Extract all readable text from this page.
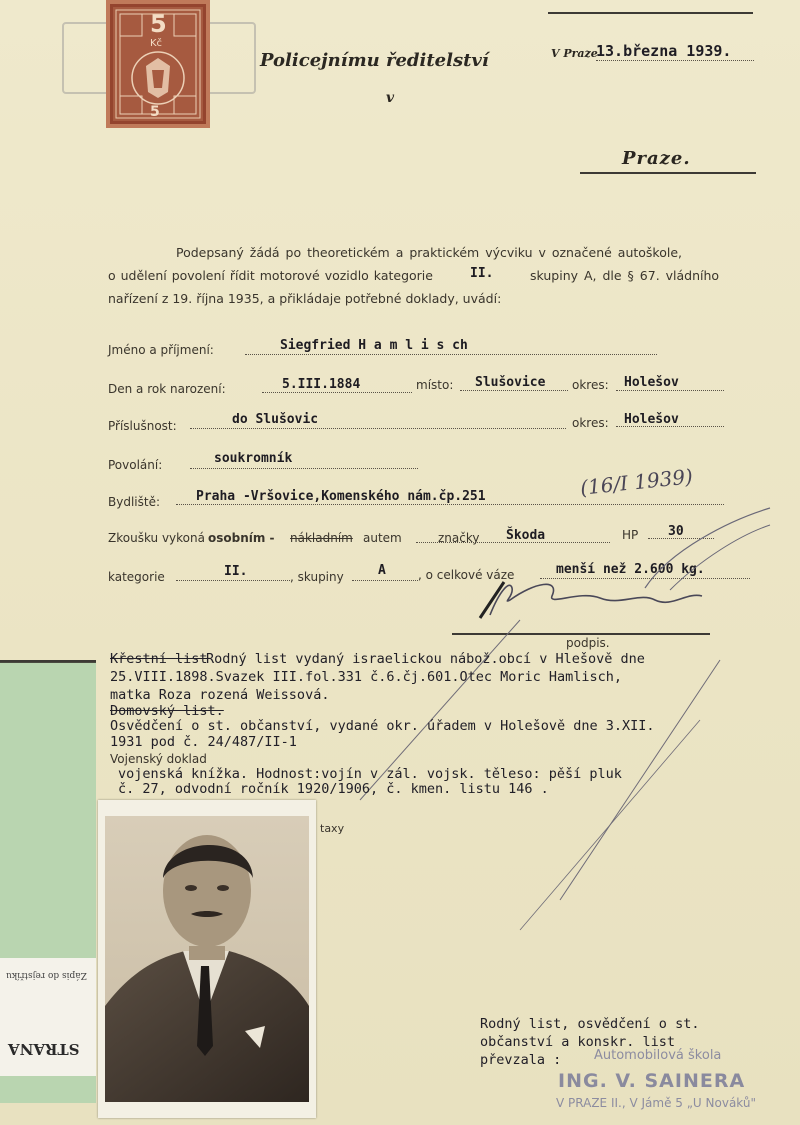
5
Kč
5
Policejnímu ředitelství
v
V Praze
13.března 1939.
Praze.
Podepsaný žádá po theoretickém a praktickém výcviku v označené autoškole,
o udělení povolení řídit motorové vozidlo kategorie	II.	skupiny A, dle § 67. vládního
nařízení z 19. října 1935, a přikládaje potřebné doklady, uvádí:
Jméno a příjmení:	Siegfried H a m l i s ch
Den a rok narození:	5.III.1884	místo: Slušovice okres: Holešov
Příslušnost:	do Slušovic	okres: Holešov
Povolání:	soukromník
Bydliště:	Praha -Vršovice,Komenského nám.čp.251	(16/I 1939)
Zkoušku vykoná osobním - nákladním autem	značky Škoda	HP 30
kategorie	II.	, skupiny	A	, o celkové váze	menší než 2.600 kg.
podpis.
STRANA
Zápis do rejstříku
Křestní list
Rodný list vydaný israelickou nábož.obcí v Hlešově dne
25.VIII.1898.Svazek III.fol.331 č.6.čj.601.Otec Moric Hamlisch,
matka Roza rozená Weissová.
Domovský list.
Osvědčení o st. občanství, vydané okr. úřadem v Holešově dne 3.XII.
1931 pod č. 24/487/II-1
Vojenský doklad
vojenská knížka. Hodnost:vojín v zál. vojsk. těleso: pěší pluk
č. 27, odvodní ročník 1920/1906, č. kmen. listu 146 .
taxy
Rodný list, osvědčení o st.
občanství a konskr. list
převzala :	Automobilová škola
ING. V. SAINERA
V PRAZE II., V Jámě 5 „U Nováků"
